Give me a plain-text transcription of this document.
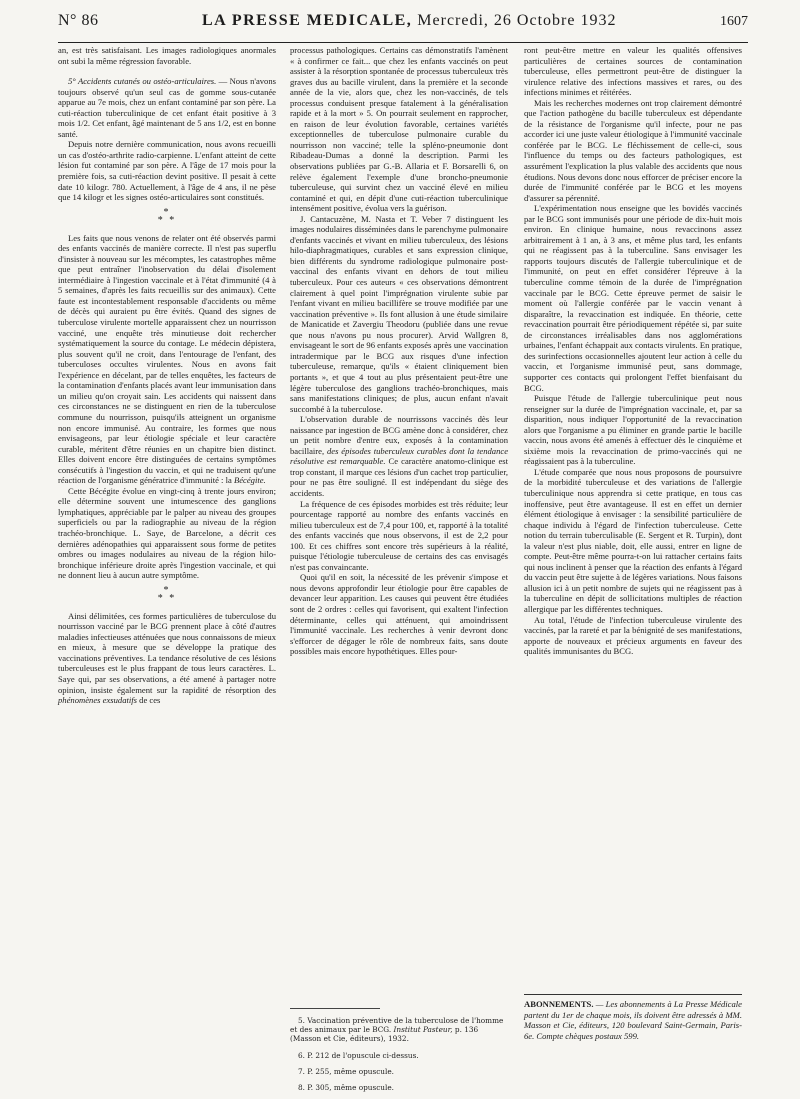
N° 86	LA PRESSE MEDICALE, Mercredi, 26 Octobre 1932	1607

an, est très satisfaisant. Les images radiologiques anormales ont subi la même régression favorable.

5° Accidents cutanés ou ostéo-articulaires. — Nous n'avons toujours observé qu'un seul cas de gomme sous-cutanée apparue au 7e mois, chez un enfant contaminé par son père. La cuti-réaction tuberculinique de cet enfant était positive à 3 mois 1/2. Cet enfant, âgé maintenant de 5 ans 1/2, est en bonne santé.

Depuis notre dernière communication, nous avons recueilli un cas d'ostéo-arthrite radio-carpienne. L'enfant atteint de cette lésion fut contaminé par son père. A l'âge de 17 mois pour la première fois, sa cuti-réaction devint positive. Il pesait à cette date 10 kilogr. 780. Actuellement, à l'âge de 4 ans, il ne pèse que 14 kilogr et les signes ostéo-articulaires sont constitués.

*
* *

Les faits que nous venons de relater ont été observés parmi des enfants vaccinés de manière correcte. Il n'est pas superflu d'insister à nouveau sur les mécomptes, les catastrophes même que peut entraîner l'inobservation du délai d'isolement intermédiaire à l'ingestion vaccinale et à l'état d'immunité (4 à 5 semaines, d'après les faits recueillis sur des animaux). Cette faute est incontestablement responsable d'accidents ou même de décès qui auraient pu être évités. Quand des signes de tuberculose virulente mortelle apparaissent chez un nourrisson vacciné, une enquête très minutieuse doit rechercher systématiquement la source du contage. Le médecin dépistera, plus souvent qu'il ne croit, dans l'entourage de l'enfant, des tuberculoses occultes virulentes. Nous en avons fait l'expérience en décelant, par de telles enquêtes, les facteurs de la contamination d'enfants placés avant leur immunisation dans un milieu qu'on croyait sain. Les accidents qui naissent dans ces circonstances ne se distinguent en rien de la tuberculose commune du nourrisson, puisqu'ils atteignent un organisme non encore immunisé. Au contraire, les formes que nous envisageons, par leur étiologie spéciale et leur caractère curable, méritent d'être réunies en un chapitre bien distinct. Elles doivent encore être distinguées de certains symptômes consécutifs à l'ingestion du vaccin, et qui ne traduisent qu'une réaction de l'organisme génératrice d'immunité : la Bécégite.

Cette Bécégite évolue en vingt-cinq à trente jours environ; elle détermine souvent une intumescence des ganglions lymphatiques, appréciable par le palper au niveau des groupes superficiels ou par la radiographie au niveau de la région trachéo-bronchique. L. Saye, de Barcelone, a décrit ces dernières adénopathies qui apparaissent sous forme de petites ombres ou images nodulaires au niveau de la région hilo-bronchique inférieure droite après l'ingestion vaccinale, et qui ne donnent lieu à aucun autre symptôme.

*
* *

Ainsi délimitées, ces formes particulières de tuberculose du nourrisson vacciné par le BCG prennent place à côté d'autres maladies infectieuses atténuées que nous connaissons de mieux en mieux, à mesure que se développe la pratique des vaccinations préventives. La tendance résolutive de ces lésions tuberculeuses est le plus frappant de tous leurs caractères. L. Saye qui, par ses observations, a été amené à partager notre opinion, insiste également sur la rapidité de résorption des phénomènes exsudatifs de ces

processus pathologiques. Certains cas démonstratifs l'amènent « à confirmer ce fait... que chez les enfants vaccinés on peut assister à la résorption spontanée de processus tuberculeux très graves dus au bacille virulent, dans la première et la seconde année de la vie, alors que, chez les non-vaccinés, de tels processus conduisent presque fatalement à la généralisation rapide et à la mort » 5. On pourrait seulement en rapprocher, en raison de leur évolution favorable, certaines variétés exceptionnelles de tuberculose pulmonaire curable du nourrisson non vacciné; telle la spléno-pneumonie dont Ribadeau-Dumas a donné la description. Parmi les observations publiées par G.-B. Allaria et F. Borsarelli 6, on relève également l'exemple d'une broncho-pneumonie tuberculeuse, qui survint chez un vacciné élevé en milieu contaminé et qui, en dépit d'une cuti-réaction tuberculinique intensément positive, évolua vers la guérison.

J. Cantacuzène, M. Nasta et T. Veber 7 distinguent les images nodulaires disséminées dans le parenchyme pulmonaire d'enfants vaccinés et vivant en milieu tuberculeux, des lésions hilo-diaphragmatiques, curables et sans expression clinique, bien différents du syndrome radiologique pulmonaire post-vaccinal des enfants vivant en dehors de tout milieu tuberculeux. Pour ces auteurs « ces observations démontrent clairement à quel point l'imprégnation virulente subie par l'enfant vivant en milieu bacillifère se trouve modifiée par une vaccination préventive ». Ils font allusion à une étude similaire de Manicatide et Zavergiu Theodoru (publiée dans une revue que nous n'avons pu nous procurer). Arvid Wallgren 8, envisageant le sort de 96 enfants exposés après une vaccination intradermique par le BCG aux risques d'une infection tuberculeuse, remarque, qu'ils « étaient cliniquement bien portants », et que 4 tout au plus présentaient peut-être une légère tuberculose des ganglions trachéo-bronchiques, mais sans manifestations cliniques; de plus, aucun enfant n'avait succombé à la tuberculose.

L'observation durable de nourrissons vaccinés dès leur naissance par ingestion de BCG amène donc à considérer, chez un petit nombre d'entre eux, exposés à la contamination bacillaire, des épisodes tuberculeux curables dont la tendance résolutive est remarquable. Ce caractère anatomo-clinique est trop constant, il marque ces lésions d'un cachet trop particulier, pour ne pas être souligné. Il est indépendant du siège des accidents.

La fréquence de ces épisodes morbides est très réduite; leur pourcentage rapporté au nombre des enfants vaccinés en milieu tuberculeux est de 7,4 pour 100, et, rapporté à la totalité des enfants vaccinés que nous observons, il est de 2,2 pour 100. Et ces chiffres sont encore très supérieurs à la réalité, puisque l'étiologie tuberculeuse de certains des cas envisagés n'est pas convaincante.

Quoi qu'il en soit, la nécessité de les prévenir s'impose et nous devons approfondir leur étiologie pour être capables de devancer leur apparition. Les causes qui peuvent être étudiées sont de 2 ordres : celles qui favorisent, qui exaltent l'infection déterminante, celles qui atténuent, qui amoindrissent l'immunité vaccinale. Les recherches à venir devront donc s'efforcer de dégager le rôle de nombreux faits, sans doute possibles mais encore hypothétiques. Elles pour-

5. Vaccination préventive de la tuberculose de l'homme et des animaux par le BCG. Institut Pasteur, p. 136 (Masson et Cie, éditeurs), 1932.

6. P. 212 de l'opuscule ci-dessus.

7. P. 255, même opuscule.

8. P. 305, même opuscule.

ront peut-être mettre en valeur les qualités offensives particulières de certaines sources de contamination tuberculeuse, elles permettront peut-être de distinguer la virulence relative des infections massives et rares, ou des infections minimes et réitérées.

Mais les recherches modernes ont trop clairement démontré que l'action pathogène du bacille tuberculeux est dépendante de la résistance de l'organisme qu'il infecte, pour ne pas accorder ici une juste valeur étiologique à l'immunité vaccinale conférée par le BCG. Le fléchissement de celle-ci, sous l'influence du temps ou des facteurs pathologiques, est assurément l'explication la plus valable des accidents que nous étudions. Nous devons donc nous efforcer de préciser encore la durée de l'immunité conférée par le BCG et les moyens d'assurer sa pérennité.

L'expérimentation nous enseigne que les bovidés vaccinés par le BCG sont immunisés pour une période de dix-huit mois environ. En clinique humaine, nous revaccinons assez arbitrairement à 1 an, à 3 ans, et même plus tard, les enfants qui ne réagissent pas à la tuberculine. Sans envisager les rapports toujours discutés de l'allergie tuberculinique et de l'immunité, on peut en effet considérer l'épreuve à la tuberculine comme témoin de la durée de l'imprégnation vaccinale par le BCG. Cette épreuve permet de saisir le moment où l'allergie conférée par le vaccin venant à disparaître, la revaccination est indiquée. En théorie, cette revaccination pourrait être périodiquement répétée si, par suite de circonstances irréalisables dans nos agglomérations urbaines, l'enfant échappait aux contacts virulents. En pratique, des surinfections occasionnelles ajoutent leur action à celle du vaccin, et l'organisme immunisé peut, sans dommage, supporter ces contacts qui prolongent l'effet bienfaisant du BCG.

Puisque l'étude de l'allergie tuberculinique peut nous renseigner sur la durée de l'imprégnation vaccinale, et, par sa disparition, nous indiquer l'opportunité de la revaccination alors que l'organisme a pu éliminer en grande partie le bacille vaccin, nous avons été amenés à effectuer dès le cinquième et sixième mois la revaccination de primo-vaccinés qui ne réagissaient pas à la tuberculine.

L'étude comparée que nous nous proposons de poursuivre de la morbidité tuberculeuse et des variations de l'allergie tuberculinique nous apprendra si cette pratique, en tous cas inoffensive, peut être avantageuse. Il est en effet un dernier élément étiologique à envisager : la sensibilité particulière de chaque individu à l'égard de l'infection tuberculeuse. Cette notion du terrain tuberculisable (E. Sergent et R. Turpin), dont la valeur n'est plus niable, doit, elle aussi, entrer en ligne de compte. Peut-être même pourra-t-on lui rattacher certains faits qui nous inclinent à penser que la réaction des enfants à l'égard du vaccin peut être sujette à de légères variations. Nous faisons allusion ici à un petit nombre de sujets qui ne réagissent pas à la tuberculine en dépit de sollicitations multiples de réaction allergique par les différentes techniques.

Au total, l'étude de l'infection tuberculeuse virulente des vaccinés, par la rareté et par la bénignité de ses manifestations, apporte de nouveaux et précieux arguments en faveur des qualités immunisantes du BCG.

ABONNEMENTS. — Les abonnements à La Presse Médicale partent du 1er de chaque mois, ils doivent être adressés à MM. Masson et Cie, éditeurs, 120 boulevard Saint-Germain, Paris-6e. Compte chèques postaux 599.
